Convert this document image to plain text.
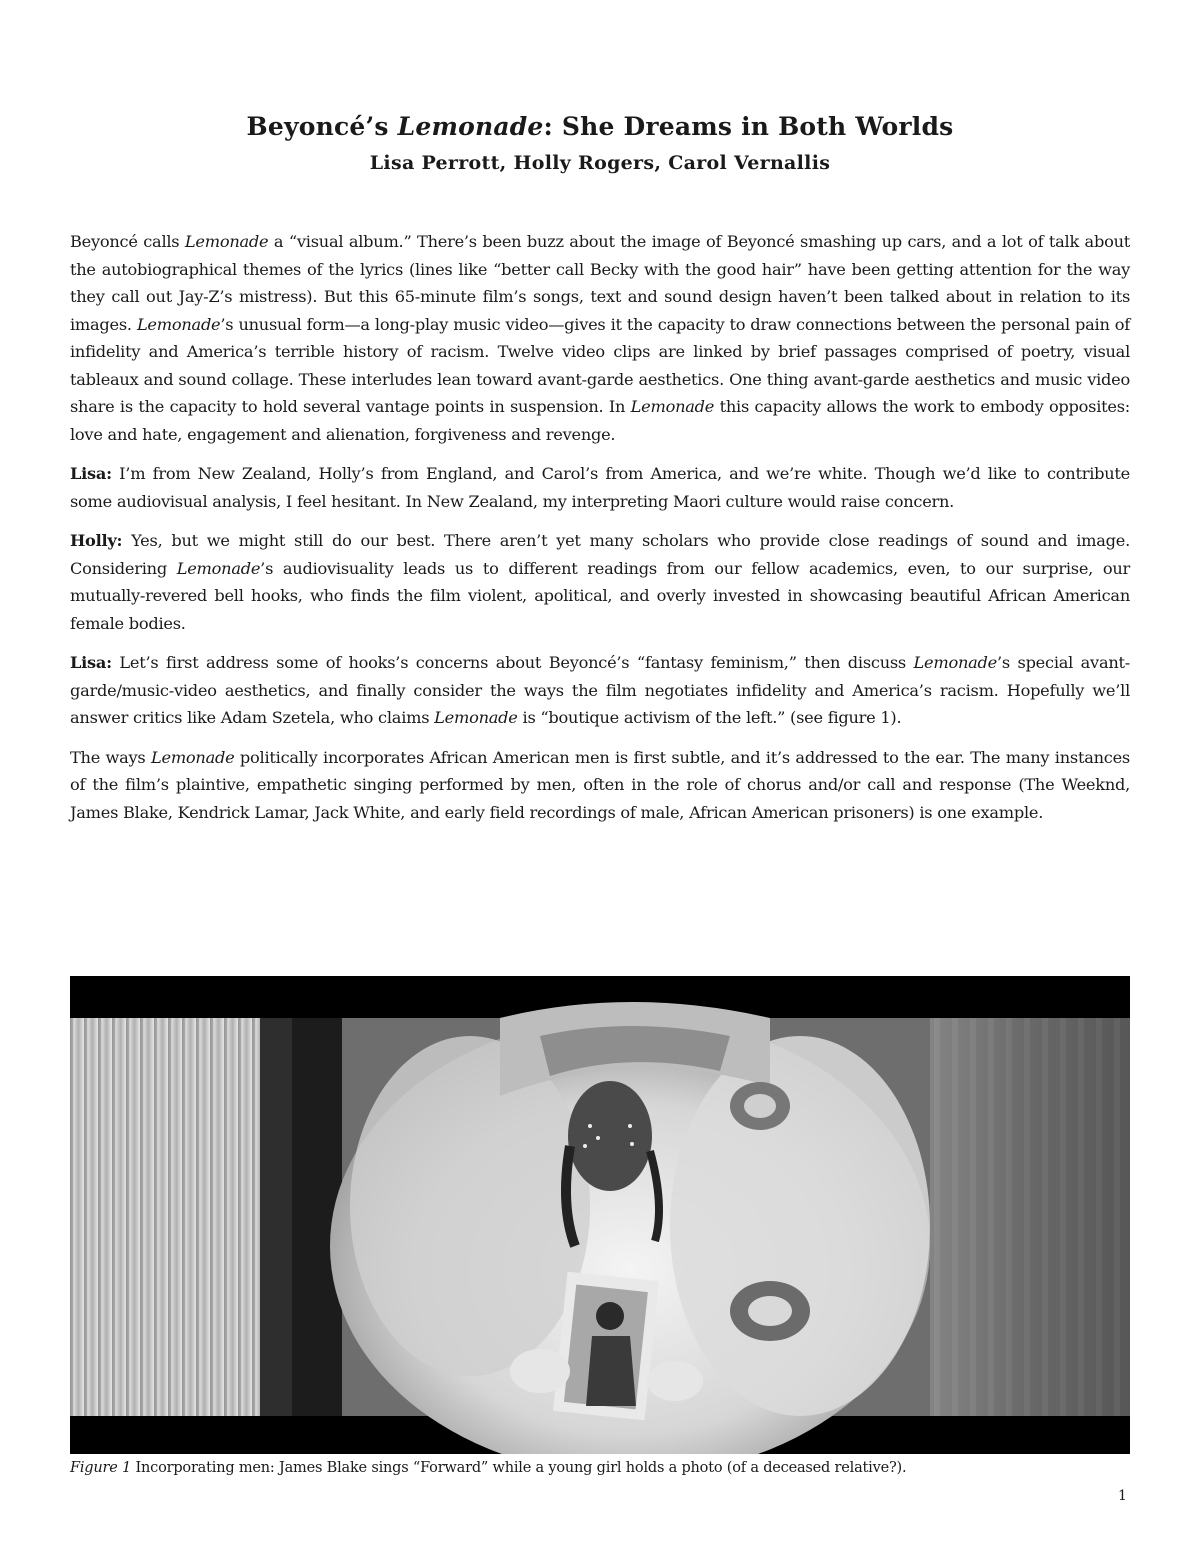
Beyoncé’s Lemonade: She Dreams in Both Worlds
Lisa Perrott, Holly Rogers, Carol Vernallis

Beyoncé calls Lemonade a “visual album.” There’s been buzz about the image of Beyoncé smashing up cars, and a lot of talk about the autobiographical themes of the lyrics (lines like “better call Becky with the good hair” have been getting attention for the way they call out Jay-Z’s mistress). But this 65-minute film’s songs, text and sound design haven’t been talked about in relation to its images. Lemonade’s unusual form—a long-play music video—gives it the capacity to draw connections between the personal pain of infidelity and America’s terrible history of racism. Twelve video clips are linked by brief passages comprised of poetry, visual tableaux and sound collage. These interludes lean toward avant-garde aesthetics. One thing avant-garde aesthetics and music video share is the capacity to hold several vantage points in suspension. In Lemonade this capacity allows the work to embody opposites: love and hate, engagement and alienation, forgiveness and revenge.

Lisa: I’m from New Zealand, Holly’s from England, and Carol’s from America, and we’re white. Though we’d like to contribute some audiovisual analysis, I feel hesitant. In New Zealand, my interpreting Maori culture would raise concern.

Holly: Yes, but we might still do our best. There aren’t yet many scholars who provide close readings of sound and image. Considering Lemonade’s audiovisuality leads us to different readings from our fellow academics, even, to our surprise, our mutually-revered bell hooks, who finds the film violent, apolitical, and overly invested in showcasing beautiful African American female bodies.

Lisa: Let’s first address some of hooks’s concerns about Beyoncé’s “fantasy feminism,” then discuss Lemonade’s special avant-garde/music-video aesthetics, and finally consider the ways the film negotiates infidelity and America’s racism. Hopefully we’ll answer critics like Adam Szetela, who claims Lemonade is “boutique activism of the left.” (see figure 1).

The ways Lemonade politically incorporates African American men is first subtle, and it’s addressed to the ear. The many instances of the film’s plaintive, empathetic singing performed by men, often in the role of chorus and/or call and response (The Weeknd, James Blake, Kendrick Lamar, Jack White, and early field recordings of male, African American prisoners) is one example.

Figure 1 Incorporating men: James Blake sings “Forward” while a young girl holds a photo (of a deceased relative?).
1
